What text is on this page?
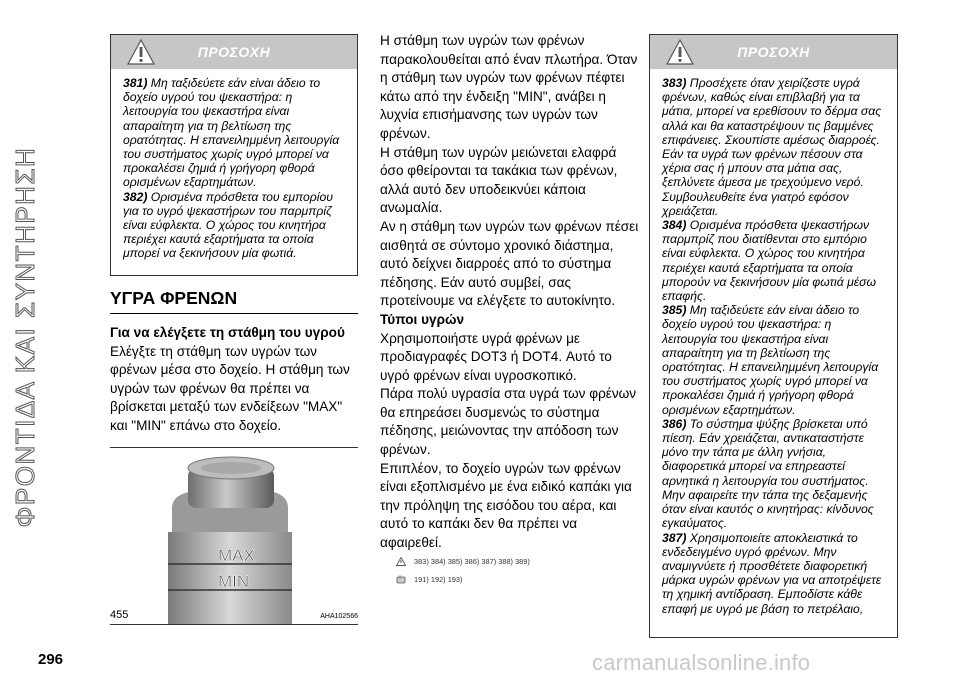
ΦΡΟΝΤΙΔΑ ΚΑΙ ΣΥΝΤΗΡΗΣΗ
296
ΠΡΟΣΟΧΗ

381) Μη ταξιδεύετε εάν είναι άδειο το δοχείο υγρού του ψεκαστήρα: η λειτουργία του ψεκαστήρα είναι απαραίτητη για τη βελτίωση της ορατότητας. Η επανειλημμένη λειτουργία του συστήματος χωρίς υγρό μπορεί να προκαλέσει ζημιά ή γρήγορη φθορά ορισμένων εξαρτημάτων.

382) Ορισμένα πρόσθετα του εμπορίου για το υγρό ψεκαστήρων του παρμπρίζ είναι εύφλεκτα. Ο χώρος του κινητήρα περιέχει καυτά εξαρτήματα τα οποία μπορεί να ξεκινήσουν μία φωτιά.

ΥΓΡΑ ΦΡΕΝΩΝ
Για να ελέγξετε τη στάθμη του υγρού

Ελέγξτε τη στάθμη των υγρών των φρένων μέσα στο δοχείο. Η στάθμη των υγρών των φρένων θα πρέπει να βρίσκεται μεταξύ των ενδείξεων "MAX" και "MIN" επάνω στο δοχείο.

MAX
MIN
455	AHA102566

Η στάθμη των υγρών των φρένων παρακολουθείται από έναν πλωτήρα. Όταν η στάθμη των υγρών των φρένων πέφτει κάτω από την ένδειξη "MIN", ανάβει η λυχνία επισήμανσης των υγρών των φρένων.

Η στάθμη των υγρών μειώνεται ελαφρά όσο φθείρονται τα τακάκια των φρένων, αλλά αυτό δεν υποδεικνύει κάποια ανωμαλία.

Αν η στάθμη των υγρών των φρένων πέσει αισθητά σε σύντομο χρονικό διάστημα, αυτό δείχνει διαρροές από το σύστημα πέδησης. Εάν αυτό συμβεί, σας προτείνουμε να ελέγξετε το αυτοκίνητο.

Τύποι υγρών

Χρησιμοποιήστε υγρά φρένων με προδιαγραφές DOT3 ή DOT4. Αυτό το υγρό φρένων είναι υγροσκοπικό.

Πάρα πολύ υγρασία στα υγρά των φρένων θα επηρεάσει δυσμενώς το σύστημα πέδησης, μειώνοντας την απόδοση των φρένων.

Επιπλέον, το δοχείο υγρών των φρένων είναι εξοπλισμένο με ένα ειδικό καπάκι για την πρόληψη της εισόδου του αέρα, και αυτό το καπάκι δεν θα πρέπει να αφαιρεθεί.

383) 384) 385) 386) 387) 388) 389)
191) 192) 193)
ΠΡΟΣΟΧΗ

383) Προσέχετε όταν χειρίζεστε υγρά φρένων, καθώς είναι επιβλαβή για τα μάτια, μπορεί να ερεθίσουν το δέρμα σας αλλά και θα καταστρέψουν τις βαμμένες επιφάνειες. Σκουπίστε αμέσως διαρροές. Εάν τα υγρά των φρένων πέσουν στα χέρια σας ή μπουν στα μάτια σας, ξεπλύνετε άμεσα με τρεχούμενο νερό. Συμβουλευθείτε ένα γιατρό εφόσον χρειάζεται.

384) Ορισμένα πρόσθετα ψεκαστήρων παρμπρίζ που διατίθενται στο εμπόριο είναι εύφλεκτα. Ο χώρος του κινητήρα περιέχει καυτά εξαρτήματα τα οποία μπορούν να ξεκινήσουν μία φωτιά μέσω επαφής.

385) Μη ταξιδεύετε εάν είναι άδειο το δοχείο υγρού του ψεκαστήρα: η λειτουργία του ψεκαστήρα είναι απαραίτητη για τη βελτίωση της ορατότητας. Η επανειλημμένη λειτουργία του συστήματος χωρίς υγρό μπορεί να προκαλέσει ζημιά ή γρήγορη φθορά ορισμένων εξαρτημάτων.

386) Το σύστημα ψύξης βρίσκεται υπό πίεση. Εάν χρειάζεται, αντικαταστήστε μόνο την τάπα με άλλη γνήσια, διαφορετικά μπορεί να επηρεαστεί αρνητικά η λειτουργία του συστήματος. Μην αφαιρείτε την τάπα της δεξαμενής όταν είναι καυτός ο κινητήρας: κίνδυνος εγκαύματος.

387) Χρησιμοποιείτε αποκλειστικά το ενδεδειγμένο υγρό φρένων. Μην αναμιγνύετε ή προσθέτετε διαφορετική μάρκα υγρών φρένων για να αποτρέψετε τη χημική αντίδραση. Εμποδίστε κάθε επαφή με υγρό με βάση το πετρέλαιο,

carmanualsonline.info
